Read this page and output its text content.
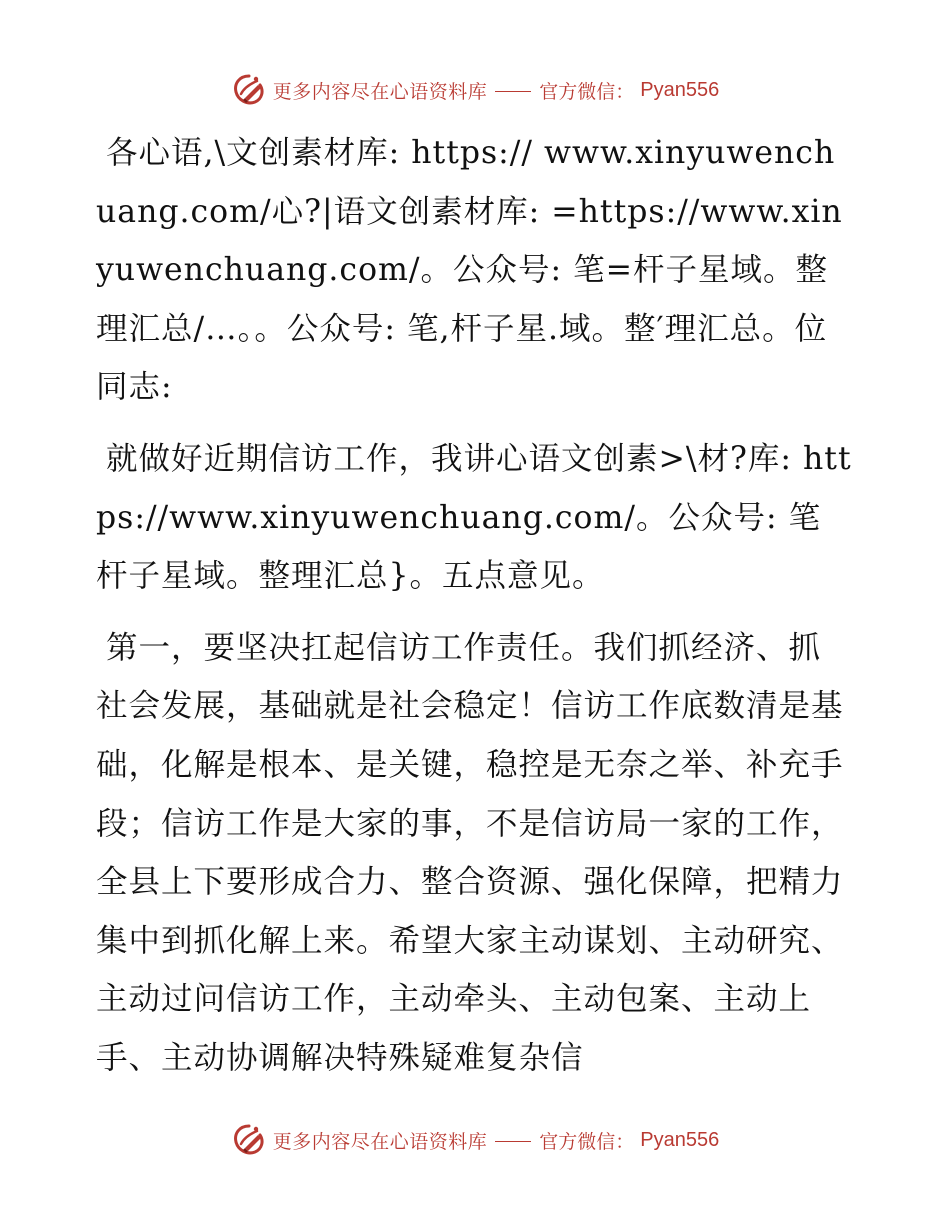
更多内容尽在心语资料库	官方微信： Pyan556

各心语,\文创素材库: https:// www.xinyuwenchuang.com/心?|语文创素材库: =https://www.xinyuwenchuang.com/。公众号: 笔=杆子星域。整理汇总/…。。公众号: 笔,杆子星.域。整′理汇总。位同志:

就做好近期信访工作，我讲心语文创素>\材?库: https://www.xinyuwenchuang.com/。公众号: 笔杆子星域。整理汇总}。五点意见。

第一，要坚决扛起信访工作责任。我们抓经济、抓社会发展，基础就是社会稳定！信访工作底数清是基础，化解是根本、是关键，稳控是无奈之举、补充手段；信访工作是大家的事，不是信访局一家的工作，全县上下要形成合力、整合资源、强化保障，把精力集中到抓化解上来。希望大家主动谋划、主动研究、主动过问信访工作，主动牵头、主动包案、主动上手、主动协调解决特殊疑难复杂信

更多内容尽在心语资料库	官方微信： Pyan556
